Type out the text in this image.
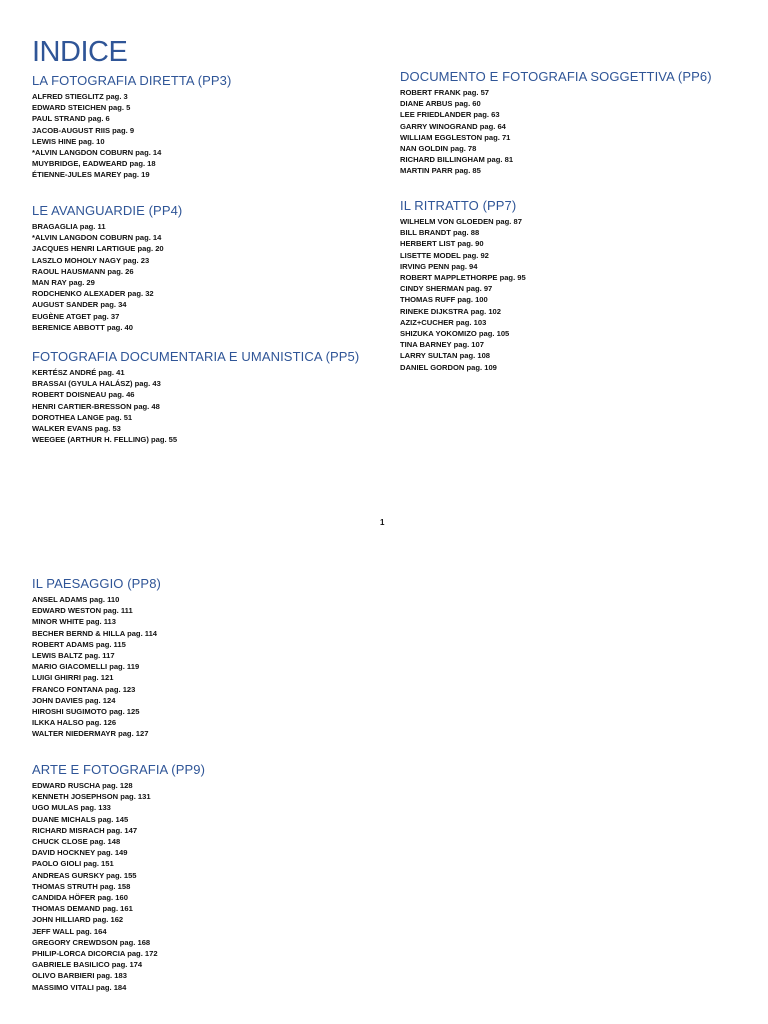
INDICE
LA FOTOGRAFIA DIRETTA (PP3)
ALFRED STIEGLITZ pag. 3
EDWARD STEICHEN pag. 5
PAUL STRAND pag. 6
JACOB-AUGUST RIIS pag. 9
LEWIS HINE pag. 10
*ALVIN LANGDON COBURN pag. 14
MUYBRIDGE, EADWEARD pag. 18
ÉTIENNE-JULES MAREY pag. 19
LE AVANGUARDIE (PP4)
BRAGAGLIA pag. 11
*ALVIN LANGDON COBURN pag. 14
JACQUES HENRI LARTIGUE pag. 20
LASZLO MOHOLY NAGY pag. 23
RAOUL HAUSMANN pag. 26
MAN RAY pag. 29
RODCHENKO ALEXADER pag. 32
AUGUST SANDER pag. 34
EUGÈNE ATGET pag. 37
BERENICE ABBOTT pag. 40
FOTOGRAFIA DOCUMENTARIA E UMANISTICA (PP5)
KERTÉSZ ANDRÉ pag. 41
BRASSAI (GYULA HALÁSZ) pag. 43
ROBERT DOISNEAU pag. 46
HENRI CARTIER-BRESSON pag. 48
DOROTHEA LANGE pag. 51
WALKER EVANS pag. 53
WEEGEE (ARTHUR H. FELLING) pag. 55
DOCUMENTO E FOTOGRAFIA SOGGETTIVA (PP6)
ROBERT FRANK pag. 57
DIANE ARBUS pag. 60
LEE FRIEDLANDER pag. 63
GARRY WINOGRAND pag. 64
WILLIAM EGGLESTON pag. 71
NAN GOLDIN pag. 78
RICHARD BILLINGHAM pag. 81
MARTIN PARR pag. 85
IL RITRATTO (PP7)
WILHELM VON GLOEDEN pag. 87
BILL BRANDT pag. 88
HERBERT LIST pag. 90
LISETTE MODEL pag. 92
IRVING PENN pag. 94
ROBERT MAPPLETHORPE pag. 95
CINDY SHERMAN pag. 97
THOMAS RUFF pag. 100
RINEKE DIJKSTRA pag. 102
AZIZ+CUCHER pag. 103
SHIZUKA YOKOMIZO pag. 105
TINA BARNEY pag. 107
LARRY SULTAN pag. 108
DANIEL GORDON pag. 109
1
IL PAESAGGIO (PP8)
ANSEL ADAMS pag. 110
EDWARD WESTON pag. 111
MINOR WHITE pag. 113
BECHER BERND & HILLA pag. 114
ROBERT ADAMS pag. 115
LEWIS BALTZ pag. 117
MARIO GIACOMELLI pag. 119
LUIGI GHIRRI pag. 121
FRANCO FONTANA pag. 123
JOHN DAVIES pag. 124
HIROSHI SUGIMOTO pag. 125
ILKKA HALSO pag. 126
WALTER NIEDERMAYR pag. 127
ARTE E FOTOGRAFIA (PP9)
EDWARD RUSCHA pag. 128
KENNETH JOSEPHSON pag. 131
UGO MULAS pag. 133
DUANE MICHALS pag. 145
RICHARD MISRACH pag. 147
CHUCK CLOSE pag. 148
DAVID HOCKNEY pag. 149
PAOLO GIOLI pag. 151
ANDREAS GURSKY pag. 155
THOMAS STRUTH pag. 158
CANDIDA HÖFER pag. 160
THOMAS DEMAND pag. 161
JOHN HILLIARD pag. 162
JEFF WALL pag. 164
GREGORY CREWDSON pag. 168
PHILIP-LORCA DICORCIA pag. 172
GABRIELE BASILICO pag. 174
OLIVO BARBIERI pag. 183
MASSIMO VITALI pag. 184
